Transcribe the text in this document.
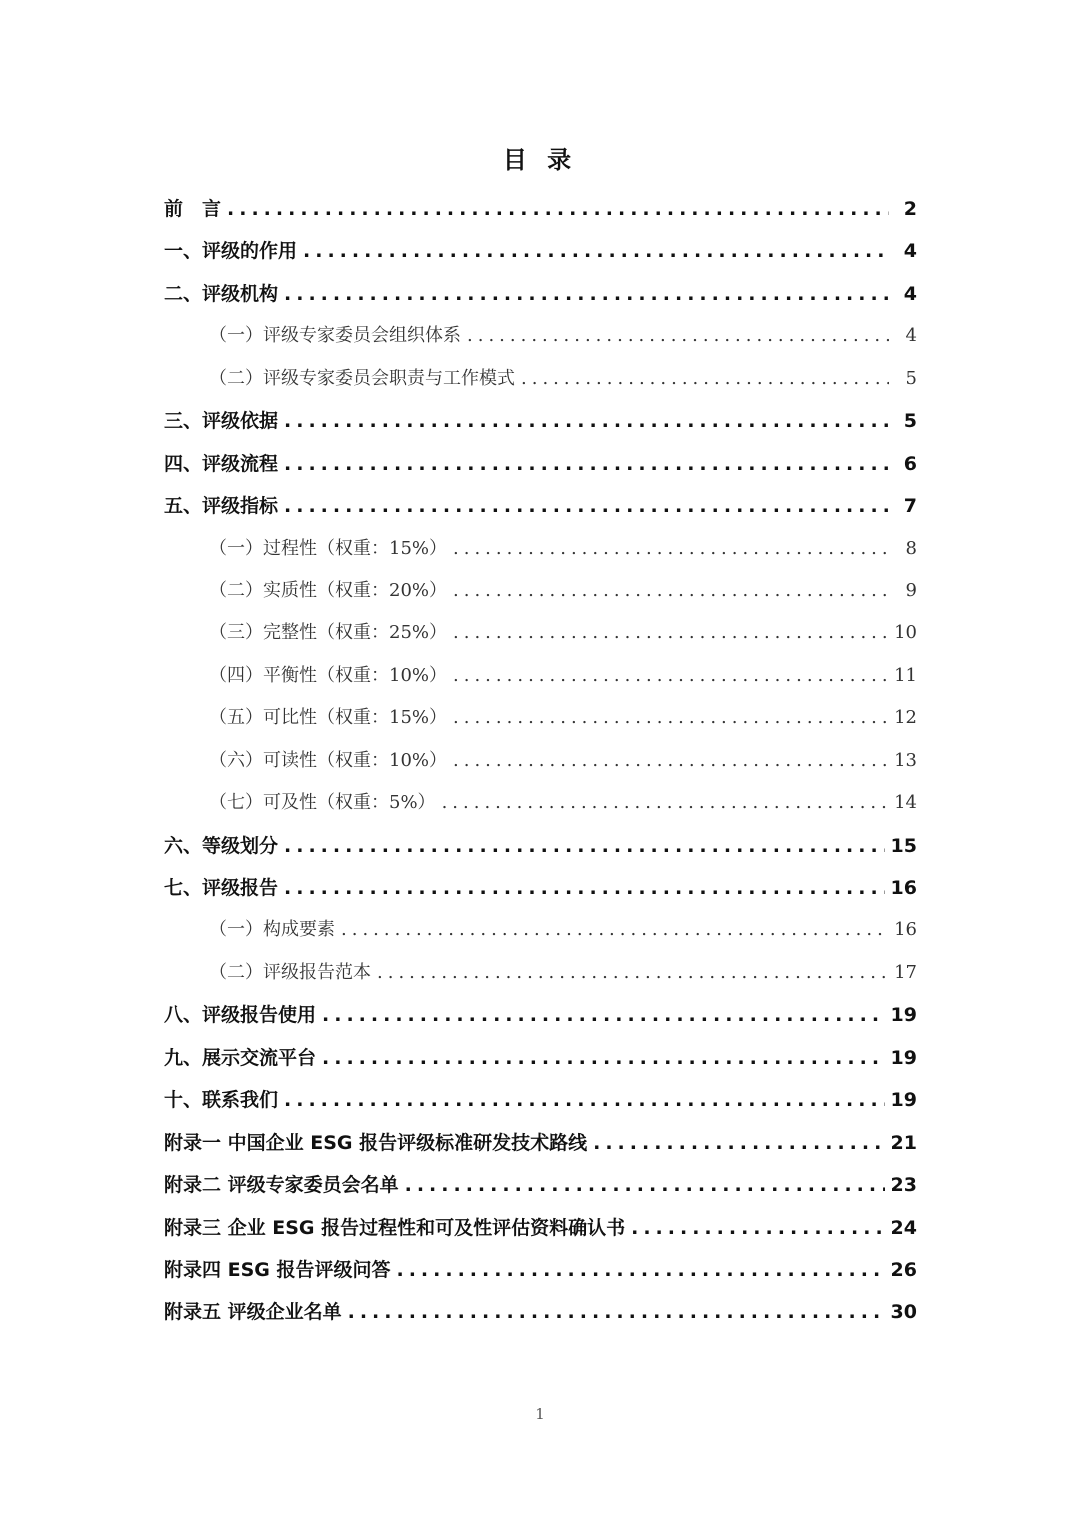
目 录
前　言 .....	2
一、评级的作用 .....	4
二、评级机构 .....	4
（一）评级专家委员会组织体系 .....	4
（二）评级专家委员会职责与工作模式 .....	5
三、评级依据 .....	5
四、评级流程 .....	6
五、评级指标 .....	7
（一）过程性（权重：15%） .....	8
（二）实质性（权重：20%） .....	9
（三）完整性（权重：25%） .....	10
（四）平衡性（权重：10%） .....	11
（五）可比性（权重：15%） .....	12
（六）可读性（权重：10%） .....	13
（七）可及性（权重：5%） .....	14
六、等级划分 .....	15
七、评级报告 .....	16
（一）构成要素 .....	16
（二）评级报告范本 .....	17
八、评级报告使用 .....	19
九、展示交流平台 .....	19
十、联系我们 .....	19
附录一 中国企业 ESG 报告评级标准研发技术路线 .....	21
附录二 评级专家委员会名单 .....	23
附录三 企业 ESG 报告过程性和可及性评估资料确认书 .....	24
附录四 ESG 报告评级问答 .....	26
附录五 评级企业名单 .....	30
1
